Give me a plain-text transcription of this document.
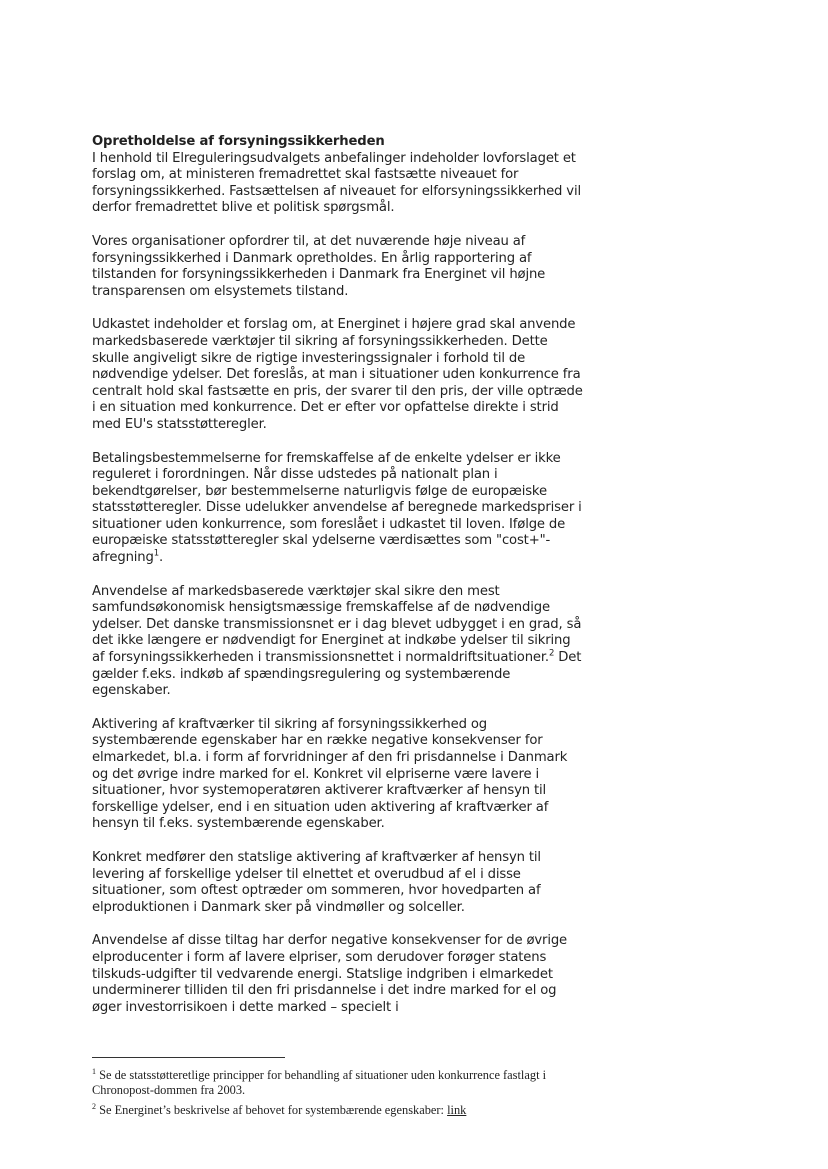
Opretholdelse af forsyningssikkerheden

I henhold til Elreguleringsudvalgets anbefalinger indeholder lovforslaget et forslag om, at ministeren fremadrettet skal fastsætte niveauet for forsyningssikkerhed. Fastsættelsen af niveauet for elforsyningssikkerhed vil derfor fremadrettet blive et politisk spørgsmål.

Vores organisationer opfordrer til, at det nuværende høje niveau af forsyningssikkerhed i Danmark opretholdes. En årlig rapportering af tilstanden for forsyningssikkerheden i Danmark fra Energinet vil højne transparensen om elsystemets tilstand.

Udkastet indeholder et forslag om, at Energinet i højere grad skal anvende markedsbaserede værktøjer til sikring af forsyningssikkerheden. Dette skulle angiveligt sikre de rigtige investeringssignaler i forhold til de nødvendige ydelser. Det foreslås, at man i situationer uden konkurrence fra centralt hold skal fastsætte en pris, der svarer til den pris, der ville optræde i en situation med konkurrence. Det er efter vor opfattelse direkte i strid med EU's statsstøtteregler.

Betalingsbestemmelserne for fremskaffelse af de enkelte ydelser er ikke reguleret i forordningen. Når disse udstedes på nationalt plan i bekendtgørelser, bør bestemmelserne naturligvis følge de europæiske statsstøtteregler. Disse udelukker anvendelse af beregnede markedspriser i situationer uden konkurrence, som foreslået i udkastet til loven. Ifølge de europæiske statsstøtteregler skal ydelserne værdisættes som "cost+"-afregning$^1$.

Anvendelse af markedsbaserede værktøjer skal sikre den mest samfundsøkonomisk hensigtsmæssige fremskaffelse af de nødvendige ydelser. Det danske transmissionsnet er i dag blevet udbygget i en grad, så det ikke længere er nødvendigt for Energinet at indkøbe ydelser til sikring af forsyningssikkerheden i transmissionsnettet i normaldriftsituationer.$^2$ Det gælder f.eks. indkøb af spændingsregulering og systembærende egenskaber.

Aktivering af kraftværker til sikring af forsyningssikkerhed og systembærende egenskaber har en række negative konsekvenser for elmarkedet, bl.a. i form af forvridninger af den fri prisdannelse i Danmark og det øvrige indre marked for el. Konkret vil elpriserne være lavere i situationer, hvor systemoperatøren aktiverer kraftværker af hensyn til forskellige ydelser, end i en situation uden aktivering af kraftværker af hensyn til f.eks. systembærende egenskaber.

Konkret medfører den statslige aktivering af kraftværker af hensyn til levering af forskellige ydelser til elnettet et overudbud af el i disse situationer, som oftest optræder om sommeren, hvor hovedparten af elproduktionen i Danmark sker på vindmøller og solceller.

Anvendelse af disse tiltag har derfor negative konsekvenser for de øvrige elproducenter i form af lavere elpriser, som derudover forøger statens tilskuds-udgifter til vedvarende energi. Statslige indgriben i elmarkedet underminerer tilliden til den fri prisdannelse i det indre marked for el og øger investorrisikoen i dette marked – specielt i

$^1$ Se de statsstøtteretlige principper for behandling af situationer uden konkurrence fastlagt i Chronopost-dommen fra 2003.

$^2$ Se Energinet’s beskrivelse af behovet for systembærende egenskaber: link
